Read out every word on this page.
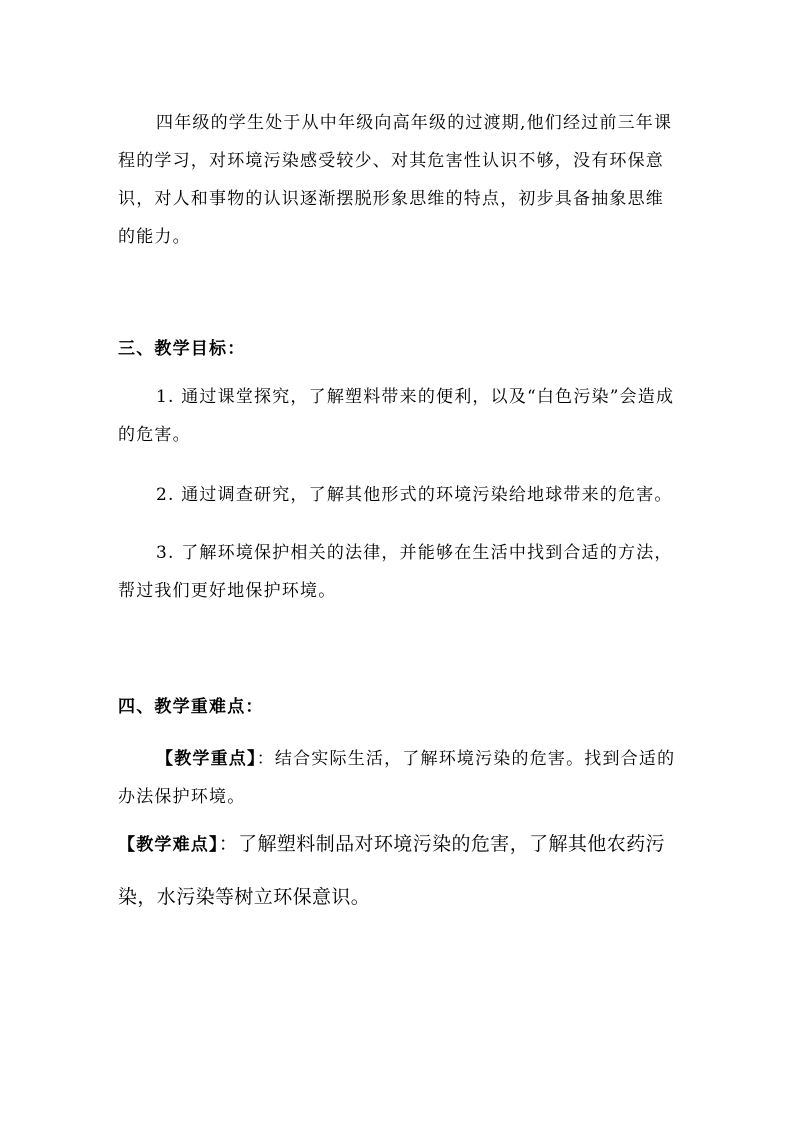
四年级的学生处于从中年级向高年级的过渡期,他们经过前三年课程的学习，对环境污染感受较少、对其危害性认识不够，没有环保意识，对人和事物的认识逐渐摆脱形象思维的特点，初步具备抽象思维的能力。

三、教学目标：

1. 通过课堂探究，了解塑料带来的便利，以及“白色污染”会造成的危害。

2. 通过调查研究，了解其他形式的环境污染给地球带来的危害。

3. 了解环境保护相关的法律，并能够在生活中找到合适的方法，帮过我们更好地保护环境。

四、教学重难点：

【教学重点】：结合实际生活，了解环境污染的危害。找到合适的办法保护环境。

【教学难点】：了解塑料制品对环境污染的危害，了解其他农药污染，水污染等树立环保意识。
